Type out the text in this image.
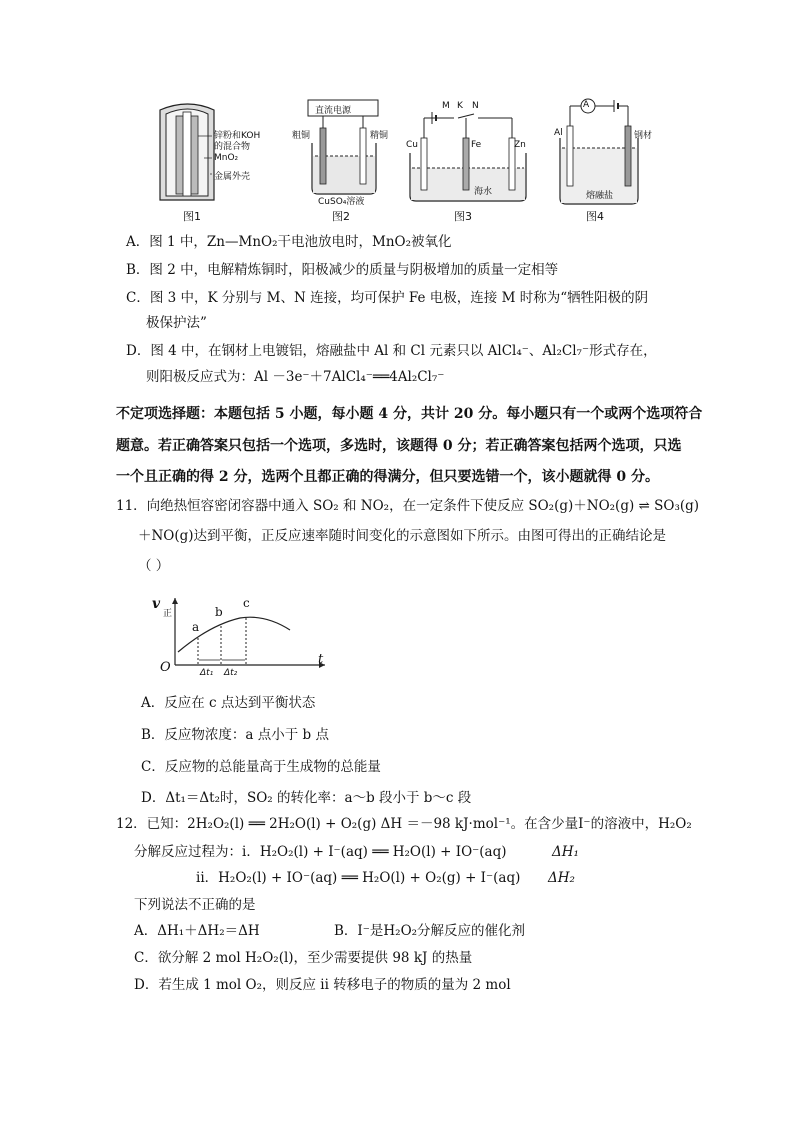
锌粉和KOH
的混合物
MnO₂
金属外壳
图1
直流电源
粗铜	精铜
CuSO₄溶液
图2
M K N
Cu	Fe	Zn
海水
图3
A
Al	钢材
熔融盐
图4
A．图 1 中，Zn—MnO₂干电池放电时，MnO₂被氧化
B．图 2 中，电解精炼铜时，阳极减少的质量与阴极增加的质量一定相等
C．图 3 中，K 分别与 M、N 连接，均可保护 Fe 电极，连接 M 时称为“牺牲阳极的阴
极保护法”
D．图 4 中，在钢材上电镀铝，熔融盐中 Al 和 Cl 元素只以 AlCl₄⁻、Al₂Cl₇⁻形式存在，
则阳极反应式为：Al －3e⁻＋7AlCl₄⁻══4Al₂Cl₇⁻
不定项选择题：本题包括 5 小题，每小题 4 分，共计 20 分。每小题只有一个或两个选项符合
题意。若正确答案只包括一个选项，多选时，该题得 0 分；若正确答案包括两个选项，只选
一个且正确的得 2 分，选两个且都正确的得满分，但只要选错一个，该小题就得 0 分。
11．向绝热恒容密闭容器中通入 SO₂ 和 NO₂，在一定条件下使反应 SO₂(g)＋NO₂(g) ⇌ SO₃(g)
＋NO(g)达到平衡，正反应速率随时间变化的示意图如下所示。由图可得出的正确结论是
（ ）
v
正
t
O
a
b
c
Δt₁ Δt₂
A．反应在 c 点达到平衡状态
B．反应物浓度：a 点小于 b 点
C．反应物的总能量高于生成物的总能量
D．Δt₁＝Δt₂时，SO₂ 的转化率：a～b 段小于 b～c 段
12．已知：2H₂O₂(l) ══ 2H₂O(l) + O₂(g) ΔH ＝－98 kJ·mol⁻¹。在含少量I⁻的溶液中，H₂O₂
分解反应过程为：i．H₂O₂(l) + I⁻(aq) ══ H₂O(l) + IO⁻(aq)	ΔH₁
ii．H₂O₂(l) + IO⁻(aq) ══ H₂O(l) + O₂(g) + I⁻(aq) ΔH₂
下列说法不正确的是
A．ΔH₁＋ΔH₂＝ΔH	B．I⁻是H₂O₂分解反应的催化剂
C．欲分解 2 mol H₂O₂(l)，至少需要提供 98 kJ 的热量
D．若生成 1 mol O₂，则反应 ii 转移电子的物质的量为 2 mol
